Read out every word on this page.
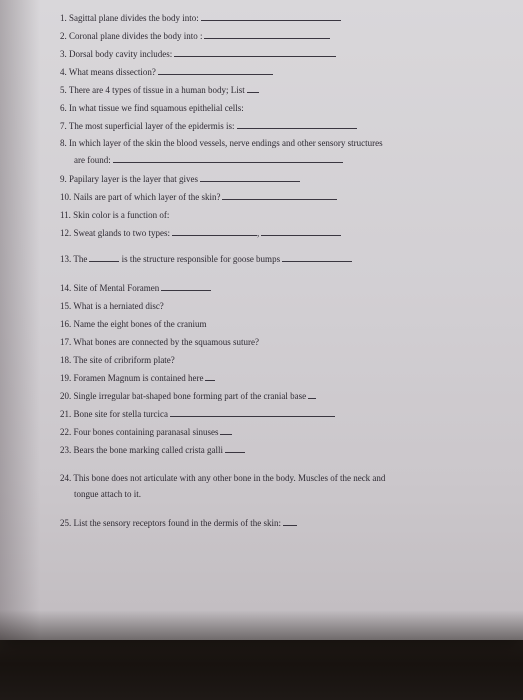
1. Sagittal plane divides the body into:
2. Coronal plane divides the body into :
3. Dorsal body cavity includes:
4. What means dissection?
5. There are 4 types of tissue in a human body; List
6. In what tissue we find squamous epithelial cells:
7. The most superficial layer of the epidermis is:
8. In which layer of the skin the blood vessels, nerve endings and other sensory structures
are found:
9. Papilary layer is the layer that gives
10. Nails are part of which layer of the skin?
11. Skin color is a function of:
12. Sweat glands to two types:	,
13. The	is the structure responsible for goose bumps
14. Site of Mental Foramen
15. What is a herniated disc?
16. Name the eight bones of the cranium
17. What bones are connected by the squamous suture?
18. The site of cribriform plate?
19. Foramen Magnum is contained here
20. Single irregular bat-shaped bone forming part of the cranial base
21. Bone site for stella turcica
22. Four bones containing paranasal sinuses
23. Bears the bone marking called crista galli
24. This bone does not articulate with any other bone in the body. Muscles of the neck and
tongue attach to it.
25. List the sensory receptors found in the dermis of the skin:
